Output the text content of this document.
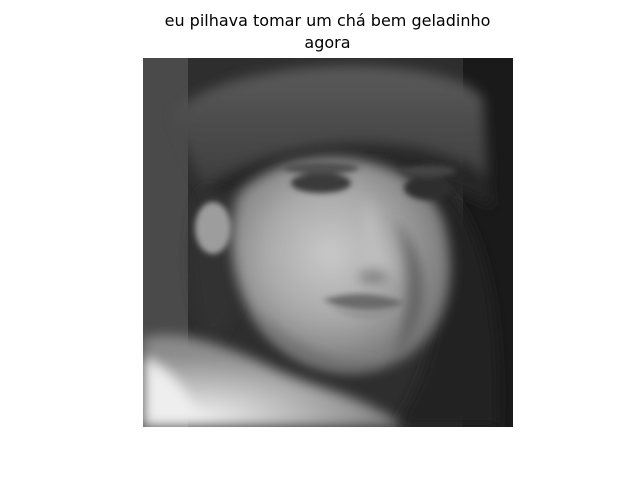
eu pilhava tomar um chá bem geladinho
agora
